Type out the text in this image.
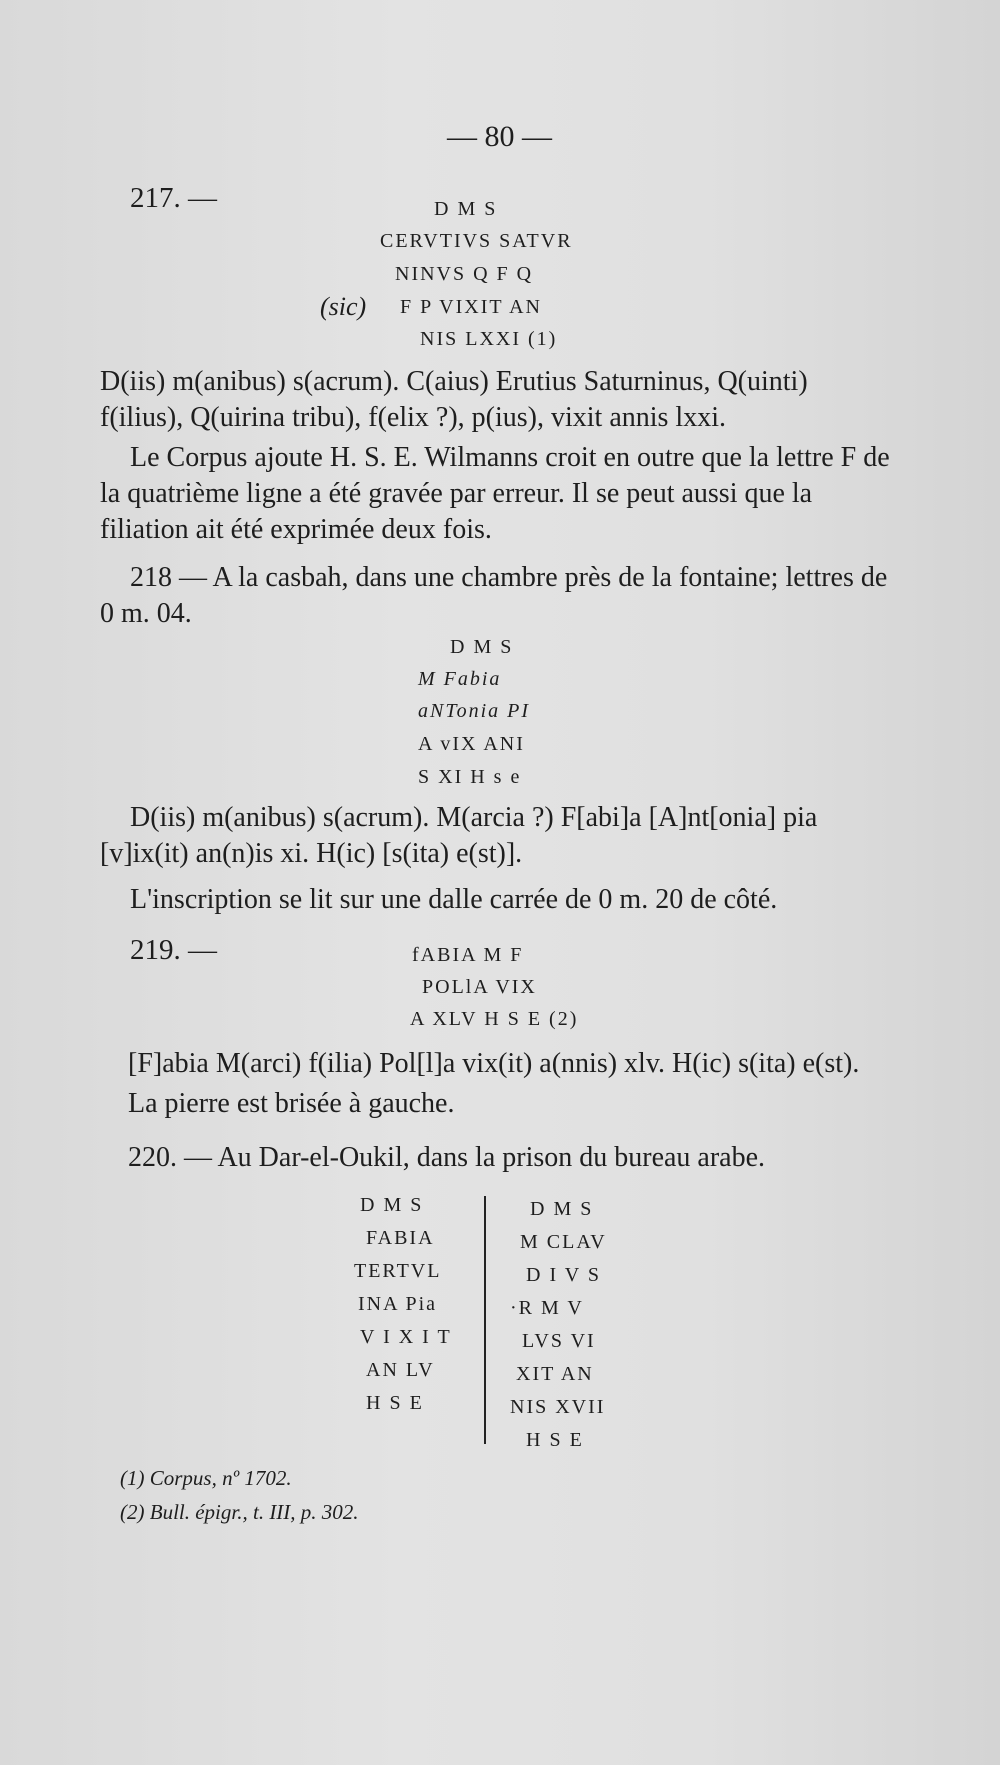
— 80 —
217. —	D M S
CERVTIVS SATVR
NINVS Q F Q
(sic) F P VIXIT AN
NIS LXXI (1)
D(iis) m(anibus) s(acrum). C(aius) Erutius Saturninus, Q(uinti) f(ilius), Q(uirina tribu), f(elix ?), p(ius), vixit annis lxxi.
Le Corpus ajoute H. S. E. Wilmanns croit en outre que la lettre F de la quatrième ligne a été gravée par erreur. Il se peut aussi que la filiation ait été exprimée deux fois.
218 — A la casbah, dans une chambre près de la fontaine; lettres de 0 m. 04.
D M S
M Fabia
aNTonia PI
A vIX ANI
S XI H s e
D(iis) m(anibus) s(acrum). M(arcia ?) F[abi]a [A]nt[onia] pia [v]ix(it) an(n)is xi. H(ic) [s(ita) e(st)].
L'inscription se lit sur une dalle carrée de 0 m. 20 de côté.
219. —	fABIA M F
POLlA VIX
A XLV H S E (2)
[F]abia M(arci) f(ilia) Pol[l]a vix(it) a(nnis) xlv. H(ic) s(ita) e(st).
La pierre est brisée à gauche.
220. — Au Dar-el-Oukil, dans la prison du bureau arabe.
D M S
FABIA
TERTVL
INA Pia
V I X I T
AN LV
H S E
D M S
M CLAV
D I V S
·R M V
LVS VI
XIT AN
NIS XVII
H S E
(1) Corpus, nº 1702.
(2) Bull. épigr., t. III, p. 302.
